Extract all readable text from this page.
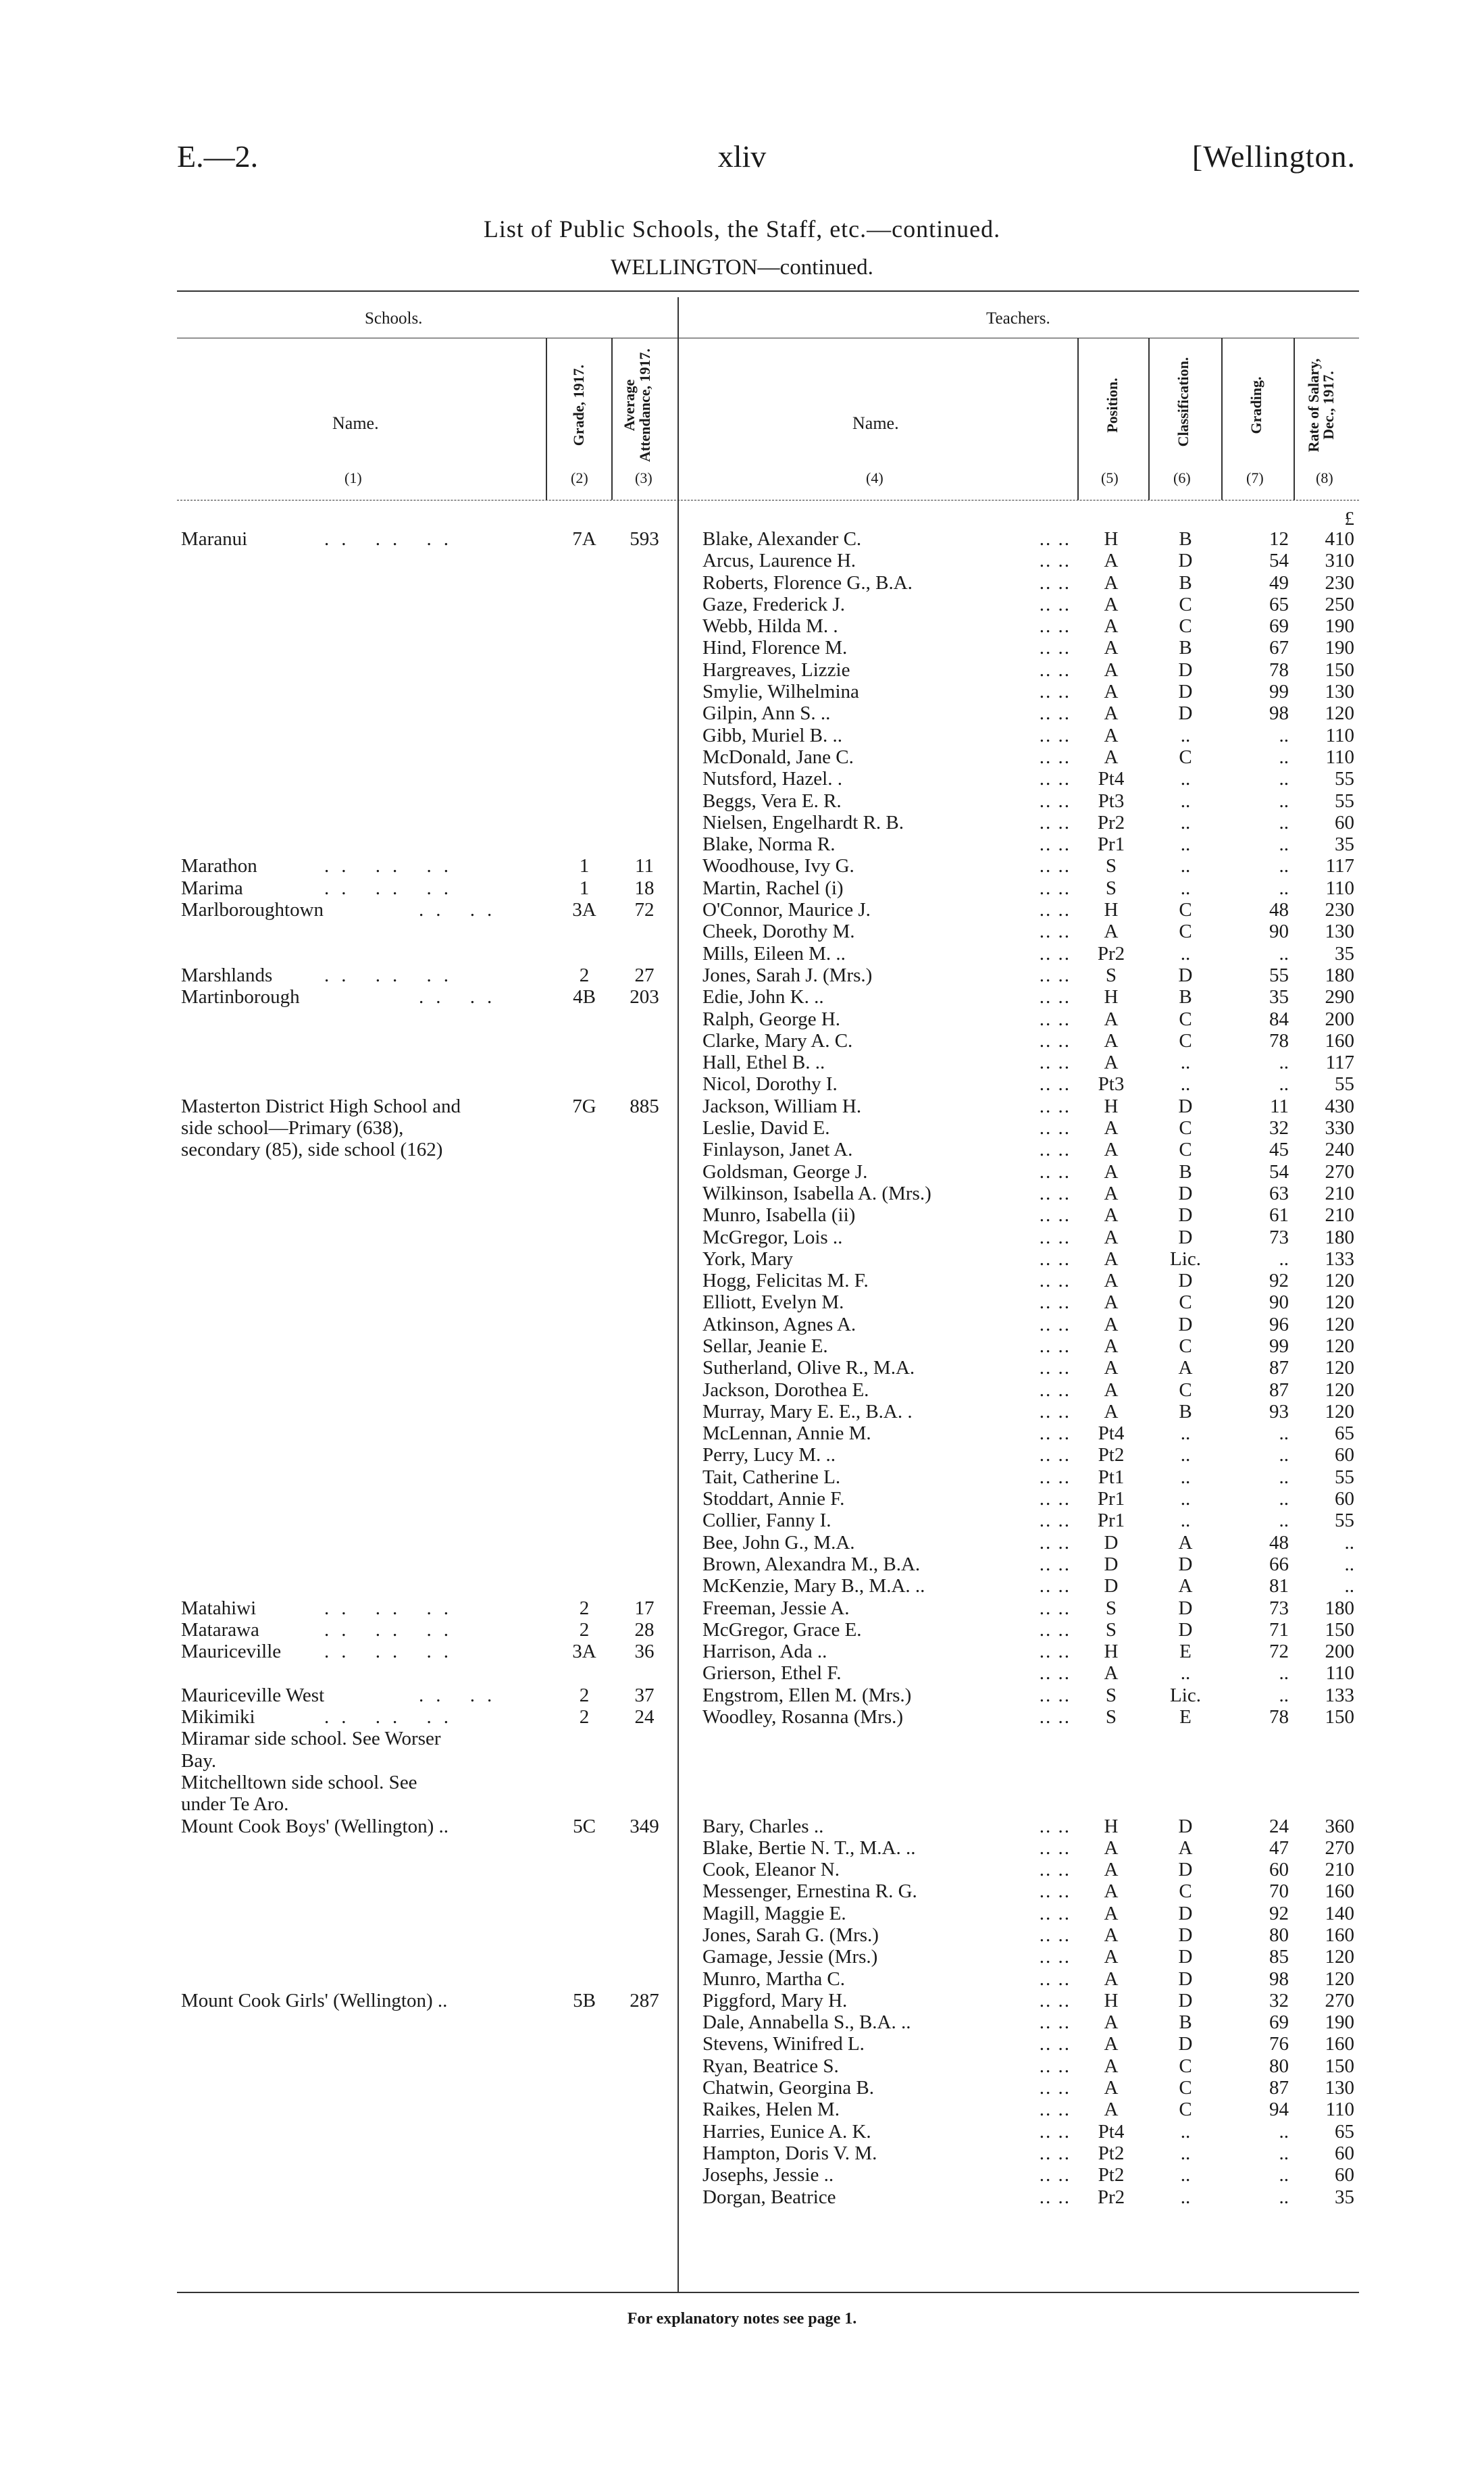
E.—2.	xliv	[Wellington.
List of Public Schools, the Staff, etc.—continued.
WELLINGTON—continued.
Schools.	Teachers.
Name.	Grade, 1917. Average Attendance, 1917.	Name.	Position.	Classification.	Grading.	Rate of Salary, Dec., 1917.
(1)	(2)	(3)	(4)	(5)	(6)	(7)	(8)
£
Maranui	.. .. ..	7A	593	Blake, Alexander C.	.. ..	H	B	12	410
Arcus, Laurence H.	.. ..	A	D	54	310
Roberts, Florence G., B.A.	.. ..	A	B	49	230
Gaze, Frederick J.	.. ..	A	C	65	250
Webb, Hilda M. .	.. ..	A	C	69	190
Hind, Florence M.	.. ..	A	B	67	190
Hargreaves, Lizzie	.. ..	A	D	78	150
Smylie, Wilhelmina	.. ..	A	D	99	130
Gilpin, Ann S. ..	.. ..	A	D	98	120
Gibb, Muriel B. ..	.. ..	A	..	..	110
McDonald, Jane C.	.. ..	A	C	..	110
Nutsford, Hazel. .	.. ..	Pt4	..	..	55
Beggs, Vera E. R.	.. ..	Pt3	..	..	55
Nielsen, Engelhardt R. B.	.. ..	Pr2	..	..	60
Blake, Norma R.	.. ..	Pr1	..	..	35
Marathon	.. .. ..	1	11	Woodhouse, Ivy G.	.. ..	S	..	..	117
Marima	.. .. ..	1	18	Martin, Rachel (i)	.. ..	S	..	..	110
Marlboroughtown	.. ..	3A	72	O'Connor, Maurice J.	.. ..	H	C	48	230
Cheek, Dorothy M.	.. ..	A	C	90	130
Mills, Eileen M. ..	.. ..	Pr2	..	..	35
Marshlands	.. .. ..	2	27	Jones, Sarah J. (Mrs.)	.. ..	S	D	55	180
Martinborough	.. ..	4B	203	Edie, John K. ..	.. ..	H	B	35	290
Ralph, George H.	.. ..	A	C	84	200
Clarke, Mary A. C.	.. ..	A	C	78	160
Hall, Ethel B. ..	.. ..	A	..	..	117
Nicol, Dorothy I.	.. ..	Pt3	..	..	55
Masterton District High School and	7G	885	Jackson, William H.	.. ..	H	D	11	430
side school—Primary (638),	Leslie, David E.	.. ..	A	C	32	330
secondary (85), side school (162)	Finlayson, Janet A.	.. ..	A	C	45	240
Goldsman, George J.	.. ..	A	B	54	270
Wilkinson, Isabella A. (Mrs.)	.. ..	A	D	63	210
Munro, Isabella (ii)	.. ..	A	D	61	210
McGregor, Lois ..	.. ..	A	D	73	180
York, Mary	.. ..	A	Lic.	..	133
Hogg, Felicitas M. F.	.. ..	A	D	92	120
Elliott, Evelyn M.	.. ..	A	C	90	120
Atkinson, Agnes A.	.. ..	A	D	96	120
Sellar, Jeanie E.	.. ..	A	C	99	120
Sutherland, Olive R., M.A.	.. ..	A	A	87	120
Jackson, Dorothea E.	.. ..	A	C	87	120
Murray, Mary E. E., B.A. .	.. ..	A	B	93	120
McLennan, Annie M.	.. ..	Pt4	..	..	65
Perry, Lucy M. ..	.. ..	Pt2	..	..	60
Tait, Catherine L.	.. ..	Pt1	..	..	55
Stoddart, Annie F.	.. ..	Pr1	..	..	60
Collier, Fanny I.	.. ..	Pr1	..	..	55
Bee, John G., M.A.	.. ..	D	A	48	..
Brown, Alexandra M., B.A.	.. ..	D	D	66	..
McKenzie, Mary B., M.A. ..	.. ..	D	A	81	..
Matahiwi	.. .. ..	2	17	Freeman, Jessie A.	.. ..	S	D	73	180
Matarawa	.. .. ..	2	28	McGregor, Grace E.	.. ..	S	D	71	150
Mauriceville .. .. ..	3A	36	Harrison, Ada ..	.. ..	H	E	72	200
Grierson, Ethel F.	.. ..	A	..	..	110
Mauriceville West	.. ..	2	37	Engstrom, Ellen M. (Mrs.)	.. ..	S	Lic.	..	133
Mikimiki	.. .. ..	2	24	Woodley, Rosanna (Mrs.)	.. ..	S	E	78	150
Miramar side school. See Worser
Bay.
Mitchelltown side school. See
under Te Aro.
Mount Cook Boys' (Wellington) ..	5C	349	Bary, Charles ..	.. ..	H	D	24	360
Blake, Bertie N. T., M.A. ..	.. ..	A	A	47	270
Cook, Eleanor N.	.. ..	A	D	60	210
Messenger, Ernestina R. G.	.. ..	A	C	70	160
Magill, Maggie E.	.. ..	A	D	92	140
Jones, Sarah G. (Mrs.)	.. ..	A	D	80	160
Gamage, Jessie (Mrs.)	.. ..	A	D	85	120
Munro, Martha C.	.. ..	A	D	98	120
Mount Cook Girls' (Wellington) ..	5B	287	Piggford, Mary H.	.. ..	H	D	32	270
Dale, Annabella S., B.A. ..	.. ..	A	B	69	190
Stevens, Winifred L.	.. ..	A	D	76	160
Ryan, Beatrice S.	.. ..	A	C	80	150
Chatwin, Georgina B.	.. ..	A	C	87	130
Raikes, Helen M.	.. ..	A	C	94	110
Harries, Eunice A. K.	.. ..	Pt4	..	..	65
Hampton, Doris V. M.	.. ..	Pt2	..	..	60
Josephs, Jessie ..	.. ..	Pt2	..	..	60
Dorgan, Beatrice	.. ..	Pr2	..	..	35
For explanatory notes see page 1.
